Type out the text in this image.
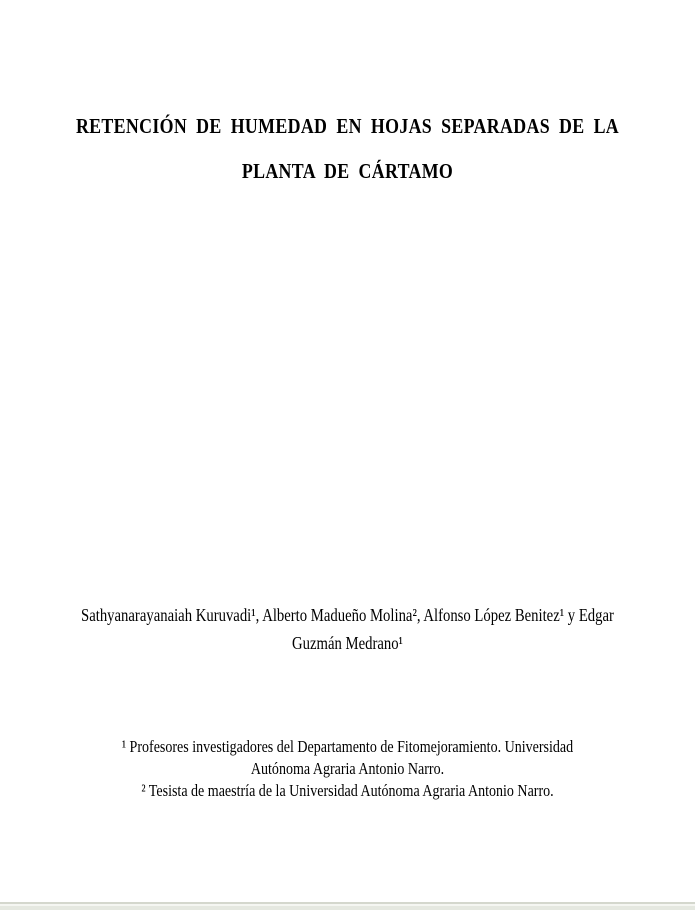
RETENCIÓN DE HUMEDAD EN HOJAS SEPARADAS DE LA
PLANTA DE CÁRTAMO
Sathyanarayanaiah Kuruvadi¹, Alberto Madueño Molina², Alfonso López Benitez¹ y Edgar
Guzmán Medrano¹
¹ Profesores investigadores del Departamento de Fitomejoramiento. Universidad
Autónoma Agraria Antonio Narro.
² Tesista de maestría de la Universidad Autónoma Agraria Antonio Narro.
